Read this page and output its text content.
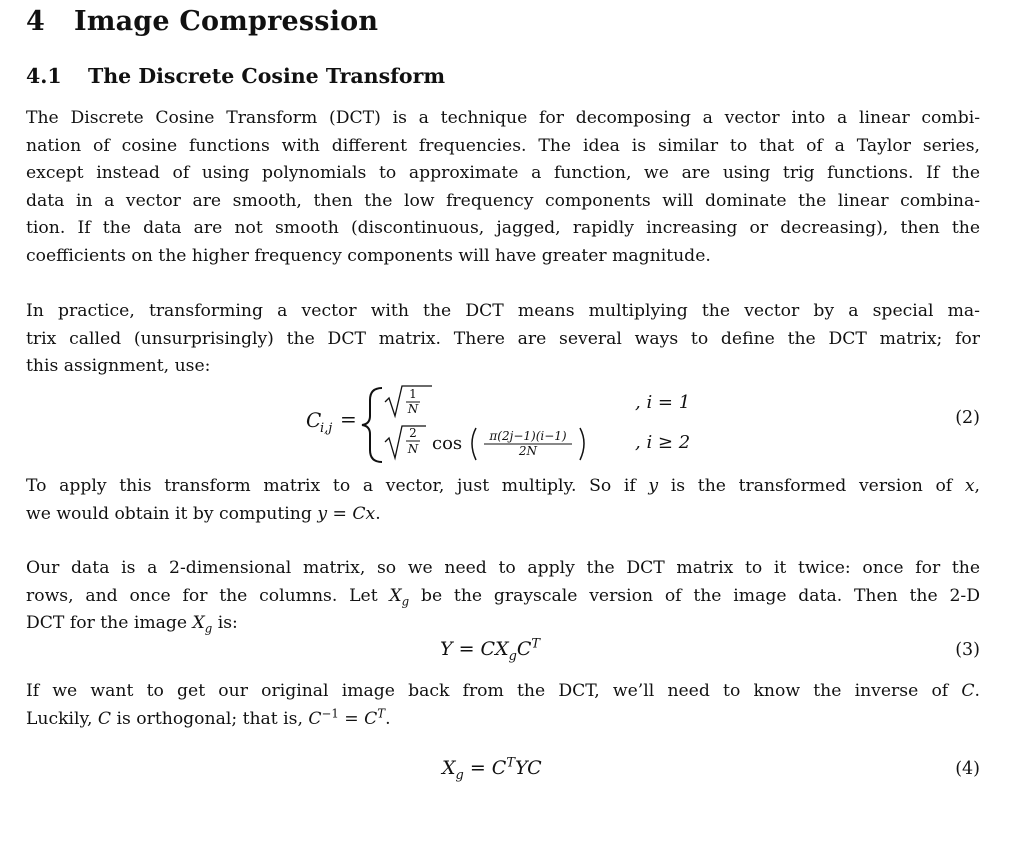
4 Image Compression
4.1 The Discrete Cosine Transform
The Discrete Cosine Transform (DCT) is a technique for decomposing a vector into a linear combi-
nation of cosine functions with different frequencies. The idea is similar to that of a Taylor series,
except instead of using polynomials to approximate a function, we are using trig functions. If the
data in a vector are smooth, then the low frequency components will dominate the linear combina-
tion. If the data are not smooth (discontinuous, jagged, rapidly increasing or decreasing), then the
coefficients on the higher frequency components will have greater magnitude.
In practice, transforming a vector with the DCT means multiplying the vector by a special ma-
trix called (unsurprisingly) the DCT matrix. There are several ways to define the DCT matrix; for
this assignment, use:
C
i,j =
1
N	, i = 1
2
N cos π(2j−1)(i−1)
2N	, i ≥ 2
(2)
To apply this transform matrix to a vector, just multiply. So if y is the transformed version of x,
we would obtain it by computing y = Cx.
Our data is a 2-dimensional matrix, so we need to apply the DCT matrix to it twice: once for the
rows, and once for the columns. Let $X_g$ be the grayscale version of the image data. Then the 2-D
DCT for the image $X_g$ is:
$Y = CX_gC^T$	(3)
If we want to get our original image back from the DCT, we’ll need to know the inverse of C.
Luckily, C is orthogonal; that is, $C^{-1} = C^T$.
$X_g = C^TYC$	(4)
